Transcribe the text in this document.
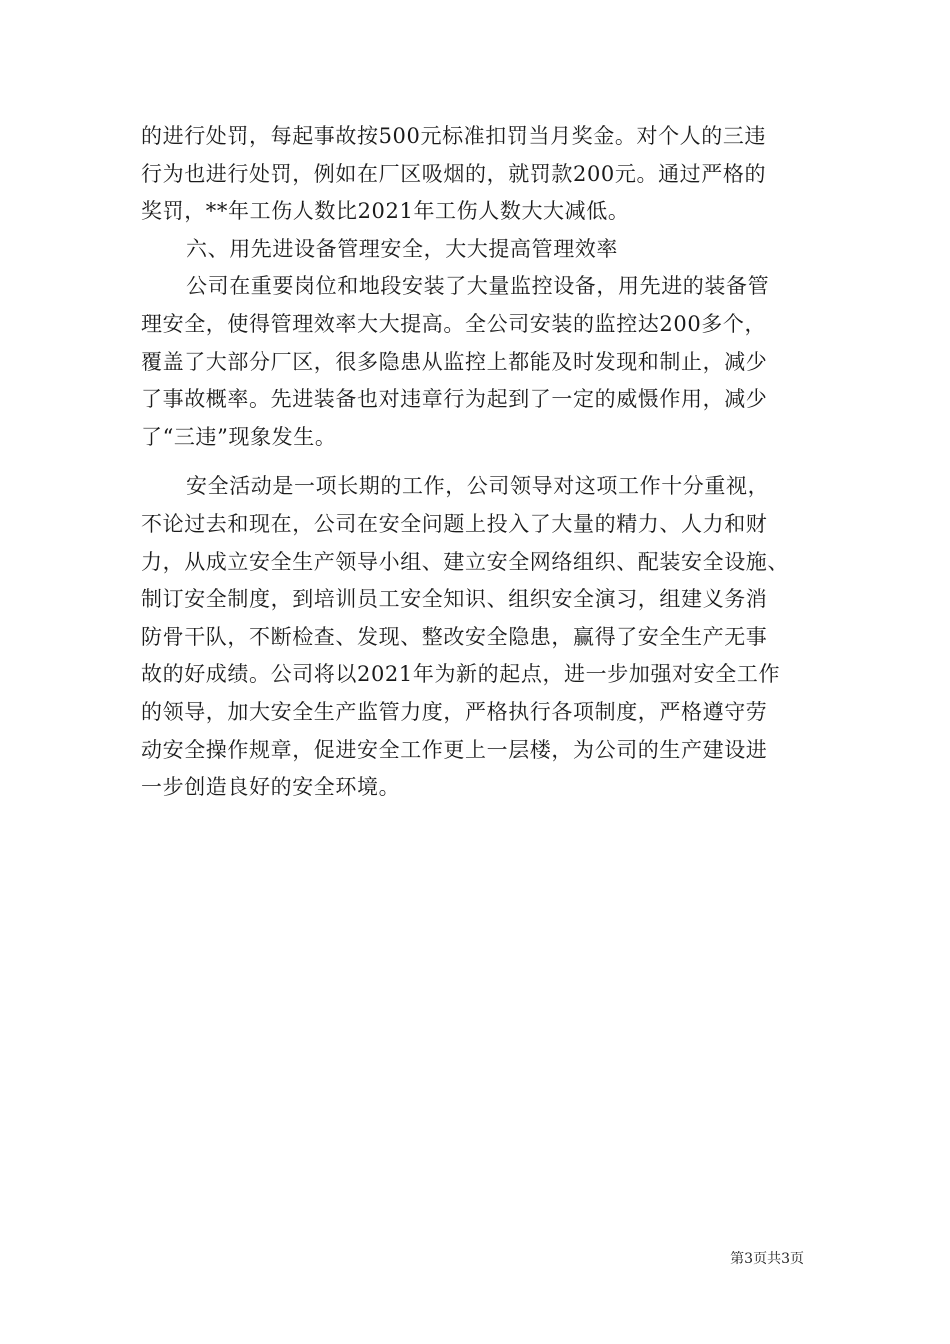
的进行处罚，每起事故按500元标准扣罚当月奖金。对个人的三违
行为也进行处罚，例如在厂区吸烟的，就罚款200元。通过严格的
奖罚，**年工伤人数比2021年工伤人数大大减低。
六、用先进设备管理安全，大大提高管理效率
公司在重要岗位和地段安装了大量监控设备，用先进的装备管
理安全，使得管理效率大大提高。全公司安装的监控达200多个，
覆盖了大部分厂区，很多隐患从监控上都能及时发现和制止，减少
了事故概率。先进装备也对违章行为起到了一定的威慑作用，减少
了“三违”现象发生。
安全活动是一项长期的工作，公司领导对这项工作十分重视，
不论过去和现在，公司在安全问题上投入了大量的精力、人力和财
力，从成立安全生产领导小组、建立安全网络组织、配装安全设施、
制订安全制度，到培训员工安全知识、组织安全演习，组建义务消
防骨干队，不断检查、发现、整改安全隐患，赢得了安全生产无事
故的好成绩。公司将以2021年为新的起点，进一步加强对安全工作
的领导，加大安全生产监管力度，严格执行各项制度，严格遵守劳
动安全操作规章，促进安全工作更上一层楼，为公司的生产建设进
一步创造良好的安全环境。
第3页共3页
